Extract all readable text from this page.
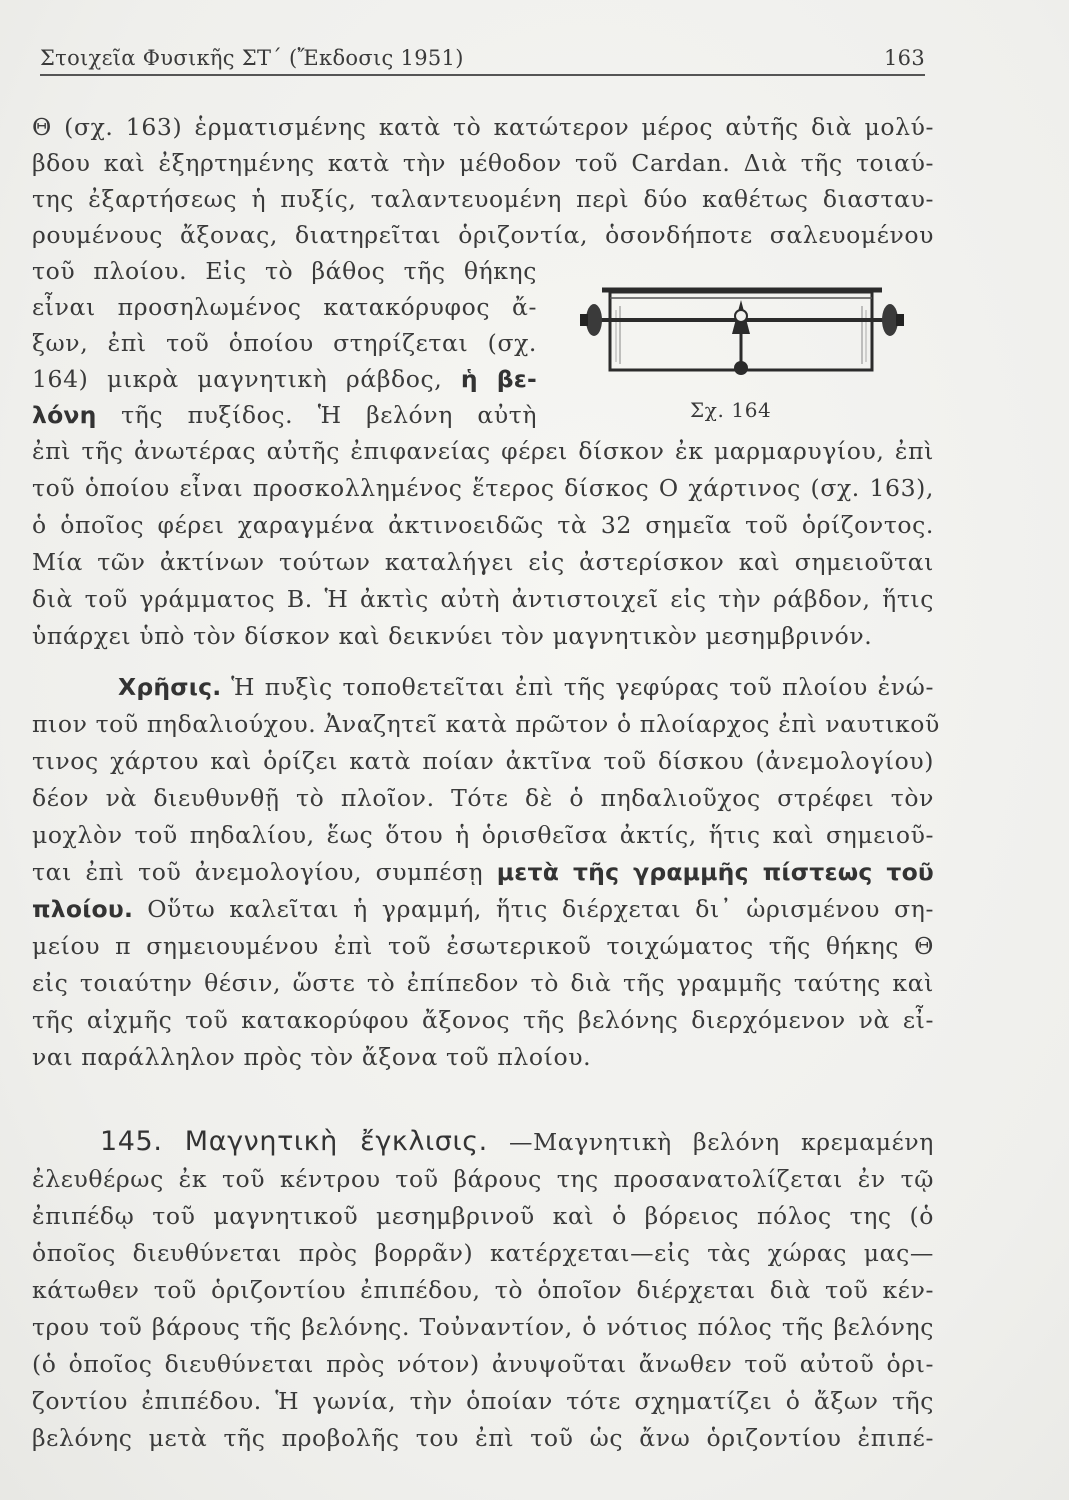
Στοιχεῖα Φυσικῆς ΣΤ΄ (Ἔκδοσις 1951)	163
Θ (σχ. 163) ἑρματισμένης κατὰ τὸ κατώτερον μέρος αὐτῆς διὰ μολύ-
βδου καὶ ἐξηρτημένης κατὰ τὴν μέθοδον τοῦ Cardan. Διὰ τῆς τοιαύ-
της ἐξαρτήσεως ἡ πυξίς, ταλαντευομένη περὶ δύο καθέτως διασταυ-
ρουμένους ἄξονας, διατηρεῖται ὁριζοντία, ὁσονδήποτε σαλευομένου
τοῦ πλοίου. Εἰς τὸ βάθος τῆς θήκης
εἶναι προσηλωμένος κατακόρυφος ἄ-
ξων, ἐπὶ τοῦ ὁποίου στηρίζεται (σχ.
164) μικρὰ μαγνητικὴ ράβδος, ἡ βε-
λόνη τῆς πυξίδος. Ἡ βελόνη αὐτὴ	Σχ. 164
ἐπὶ τῆς ἀνωτέρας αὐτῆς ἐπιφανείας φέρει δίσκον ἐκ μαρμαρυγίου, ἐπὶ
τοῦ ὁποίου εἶναι προσκολλημένος ἕτερος δίσκος Ο χάρτινος (σχ. 163),
ὁ ὁποῖος φέρει χαραγμένα ἀκτινοειδῶς τὰ 32 σημεῖα τοῦ ὁρίζοντος.
Μία τῶν ἀκτίνων τούτων καταλήγει εἰς ἀστερίσκον καὶ σημειοῦται
διὰ τοῦ γράμματος Β. Ἡ ἀκτὶς αὐτὴ ἀντιστοιχεῖ εἰς τὴν ράβδον, ἥτις
ὑπάρχει ὑπὸ τὸν δίσκον καὶ δεικνύει τὸν μαγνητικὸν μεσημβρινόν.
Χρῆσις. Ἡ πυξὶς τοποθετεῖται ἐπὶ τῆς γεφύρας τοῦ πλοίου ἐνώ-
πιον τοῦ πηδαλιούχου. Ἀναζητεῖ κατὰ πρῶτον ὁ πλοίαρχος ἐπὶ ναυτικοῦ
τινος χάρτου καὶ ὁρίζει κατὰ ποίαν ἀκτῖνα τοῦ δίσκου (ἀνεμολογίου)
δέον νὰ διευθυνθῇ τὸ πλοῖον. Τότε δὲ ὁ πηδαλιοῦχος στρέφει τὸν
μοχλὸν τοῦ πηδαλίου, ἕως ὅτου ἡ ὁρισθεῖσα ἀκτίς, ἥτις καὶ σημειοῦ-
ται ἐπὶ τοῦ ἀνεμολογίου, συμπέσῃ μετὰ τῆς γραμμῆς πίστεως τοῦ
πλοίου. Οὕτω καλεῖται ἡ γραμμή, ἥτις διέρχεται δι᾽ ὡρισμένου ση-
μείου π σημειουμένου ἐπὶ τοῦ ἐσωτερικοῦ τοιχώματος τῆς θήκης Θ
εἰς τοιαύτην θέσιν, ὥστε τὸ ἐπίπεδον τὸ διὰ τῆς γραμμῆς ταύτης καὶ
τῆς αἰχμῆς τοῦ κατακορύφου ἄξονος τῆς βελόνης διερχόμενον νὰ εἶ-
ναι παράλληλον πρὸς τὸν ἄξονα τοῦ πλοίου.
145. Μαγνητικὴ ἔγκλισις. —Μαγνητικὴ βελόνη κρεμαμένη
ἐλευθέρως ἐκ τοῦ κέντρου τοῦ βάρους της προσανατολίζεται ἐν τῷ
ἐπιπέδῳ τοῦ μαγνητικοῦ μεσημβρινοῦ καὶ ὁ βόρειος πόλος της (ὁ
ὁποῖος διευθύνεται πρὸς βορρᾶν) κατέρχεται—εἰς τὰς χώρας μας—
κάτωθεν τοῦ ὁριζοντίου ἐπιπέδου, τὸ ὁποῖον διέρχεται διὰ τοῦ κέν-
τρου τοῦ βάρους τῆς βελόνης. Τοὐναντίον, ὁ νότιος πόλος τῆς βελόνης
(ὁ ὁποῖος διευθύνεται πρὸς νότον) ἀνυψοῦται ἄνωθεν τοῦ αὐτοῦ ὁρι-
ζοντίου ἐπιπέδου. Ἡ γωνία, τὴν ὁποίαν τότε σχηματίζει ὁ ἄξων τῆς
βελόνης μετὰ τῆς προβολῆς του ἐπὶ τοῦ ὡς ἄνω ὁριζοντίου ἐπιπέ-
